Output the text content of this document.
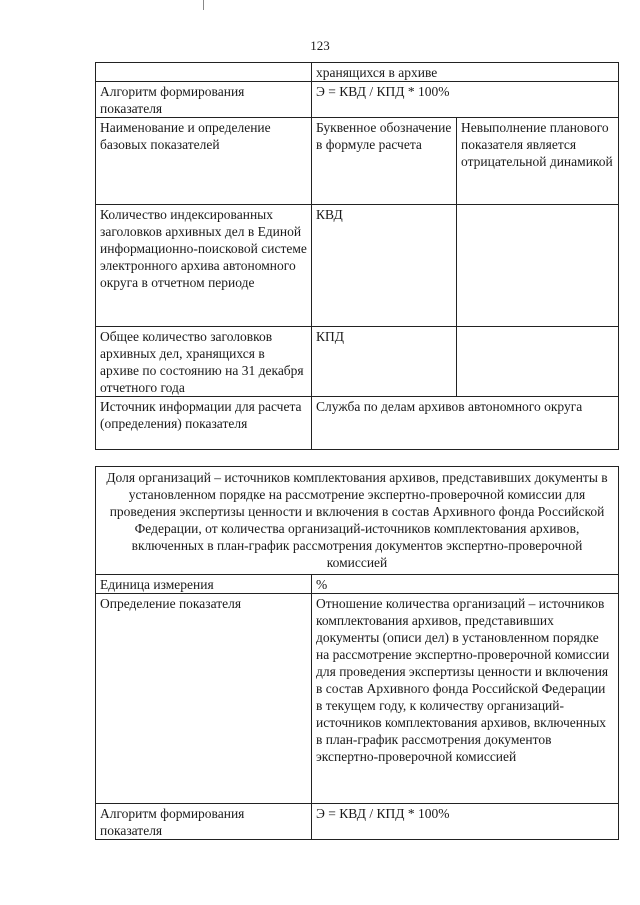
123
	хранящихся в архиве	
Алгоритм формирования показателя	Э = КВД / КПД * 100%	
Наименование и определение базовых показателей	Буквенное обозначение в формуле расчета	Невыполнение планового показателя является отрицательной динамикой
Количество индексированных заголовков архивных дел в Единой информационно-поисковой системе электронного архива автономного округа в отчетном периоде	КВД	
Общее количество заголовков архивных дел, хранящихся в архиве по состоянию на 31 декабря отчетного года	КПД	
Источник информации для расчета (определения) показателя	Служба по делам архивов автономного округа	
Доля организаций – источников комплектования архивов, представивших документы в установленном порядке на рассмотрение экспертно-проверочной комиссии для проведения экспертизы ценности и включения в состав Архивного фонда Российской Федерации, от количества организаций-источников комплектования архивов, включенных в план-график рассмотрения документов экспертно-проверочной комиссией	
Единица измерения	%
Определение показателя	Отношение количества организаций – источников комплектования архивов, представивших документы (описи дел) в установленном порядке на рассмотрение экспертно-проверочной комиссии для проведения экспертизы ценности и включения в состав Архивного фонда Российской Федерации в текущем году, к количеству организаций-источников комплектования архивов, включенных в план-график рассмотрения документов экспертно-проверочной комиссией
Алгоритм формирования показателя	Э = КВД / КПД * 100%
